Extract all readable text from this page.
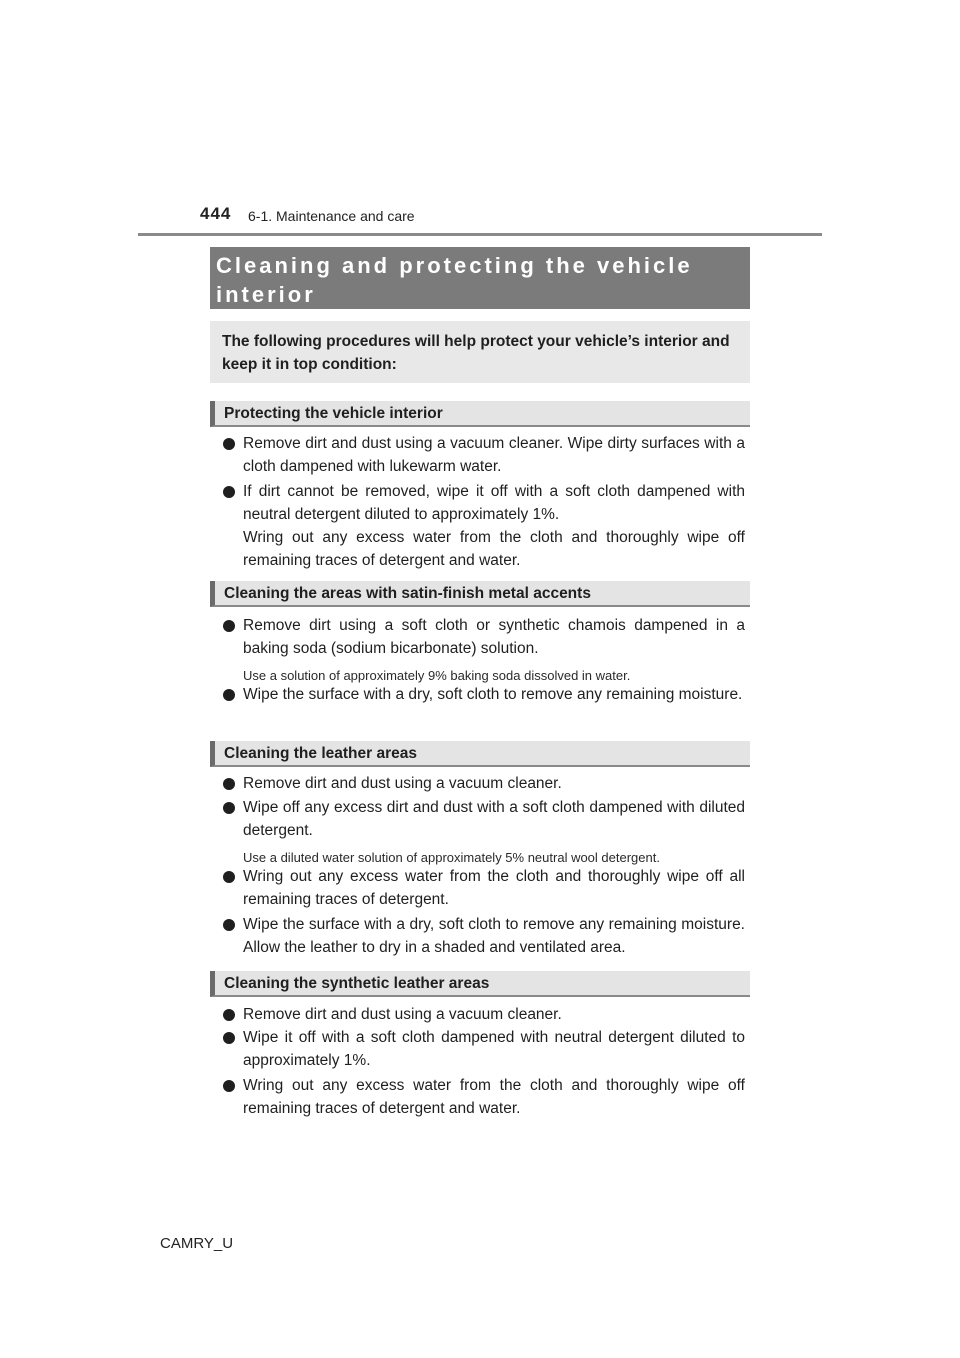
444 6-1. Maintenance and care
Cleaning and protecting the vehicle interior
The following procedures will help protect your vehicle’s interior and keep it in top condition:
Protecting the vehicle interior
Remove dirt and dust using a vacuum cleaner. Wipe dirty surfaces with a cloth dampened with lukewarm water.
If dirt cannot be removed, wipe it off with a soft cloth dampened with neutral detergent diluted to approximately 1%.
Wring out any excess water from the cloth and thoroughly wipe off remaining traces of detergent and water.
Cleaning the areas with satin-finish metal accents
Remove dirt using a soft cloth or synthetic chamois dampened in a baking soda (sodium bicarbonate) solution.
Use a solution of approximately 9% baking soda dissolved in water.
Wipe the surface with a dry, soft cloth to remove any remaining moisture.
Cleaning the leather areas
Remove dirt and dust using a vacuum cleaner.
Wipe off any excess dirt and dust with a soft cloth dampened with diluted detergent.
Use a diluted water solution of approximately 5% neutral wool detergent.
Wring out any excess water from the cloth and thoroughly wipe off all remaining traces of detergent.
Wipe the surface with a dry, soft cloth to remove any remaining moisture. Allow the leather to dry in a shaded and ventilated area.
Cleaning the synthetic leather areas
Remove dirt and dust using a vacuum cleaner.
Wipe it off with a soft cloth dampened with neutral detergent diluted to approximately 1%.
Wring out any excess water from the cloth and thoroughly wipe off remaining traces of detergent and water.
CAMRY_U
